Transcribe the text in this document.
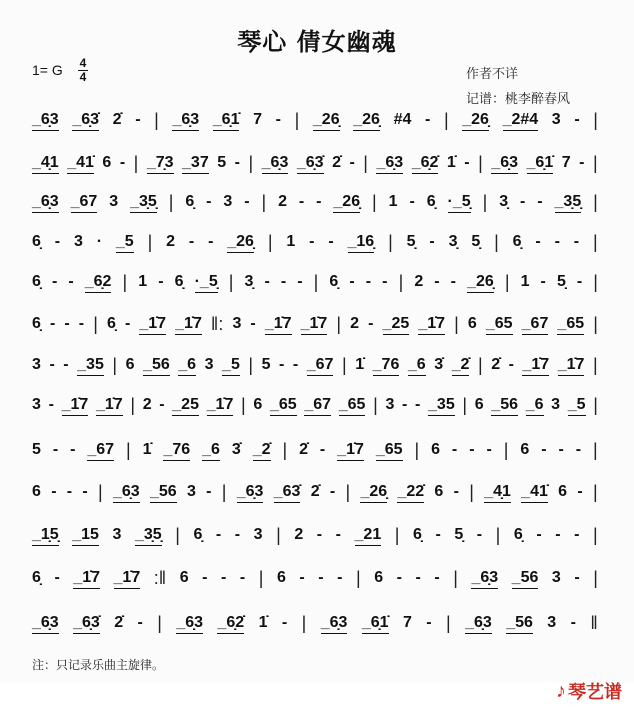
琴心 倩女幽魂
1= G 4
4	作者不详
记谱：桃李醉春风
_6̣3 _6̣3̇ 2̇ - | _6̣3 _6̣1̇ 7 - | _26̣ _26̣ #4 - | _26̣ _2#4 3 - |
_4̣1 _41̇ 6 - | _7̣3 _37 5 - | _6̣3 _6̣3̇ 2̇ - | _6̣3 _6̣2̇ 1̇ - | _6̣3 _6̣1̇ 7 - |
_6̣3 _67 3 _3̣5̣ | 6̣ - 3 - | 2 - - _26̣ | 1 - 6̣ ·_5̣ | 3̣ - - _3̣5̣ |
6̣ - 3 · _5 | 2 - - _26̣ | 1 - - _16̣ | 5̣ - 3̣ 5̣ | 6̣ - - - |
6̣ - - _6̣2 | 1 - 6̣ ·_5̣ | 3̣ - - - | 6̣ - - - | 2 - - _26̣ | 1 - 5̣ - |
6̣ - - - | 6̣ - _1̇7 _1̇7 ‖: 3 - _1̇7 _1̇7 | 2 - _25 _1̇7 | 6 _65 _67 _65 |
3 - - _35 | 6 _56 _6 3 _5 | 5 - - _67 | 1̇ _76 _6 3̇ _2̇ | 2̇ - _1̇7 _1̇7 |
3 - _1̇7 _1̇7 | 2 - _25 _1̇7 | 6 _65 _67 _65 | 3 - - _35 | 6 _56 _6 3 _5 |
5 - - _67 | 1̇ _76 _6 3̇ _2̇ | 2̇ - _1̇7 _65 | 6 - - - | 6 - - - |
6 - - - | _6̣3 _56 3 - | _6̣3 _63̇ 2̇ - | _26̣ _22̇ 6 - | _4̣1 _41̇ 6 - |
_1̣5̣ _15 3 _3̣5̣ | 6̣ - - 3 | 2 - - _21 | 6̣ - 5̣ - | 6̣ - - - |
6̣ - _1̇7 _1̇7 :‖ 6 - - - | 6 - - - | 6 - - - | _6̣3 _56 3 - |
_6̣3 _6̣3̇ 2̇ - | _6̣3 _6̣2̇ 1̇ - | _6̣3 _6̣1̇ 7 - | _6̣3 _56 3 - ‖
注：只记录乐曲主旋律。
♪ 琴艺谱
